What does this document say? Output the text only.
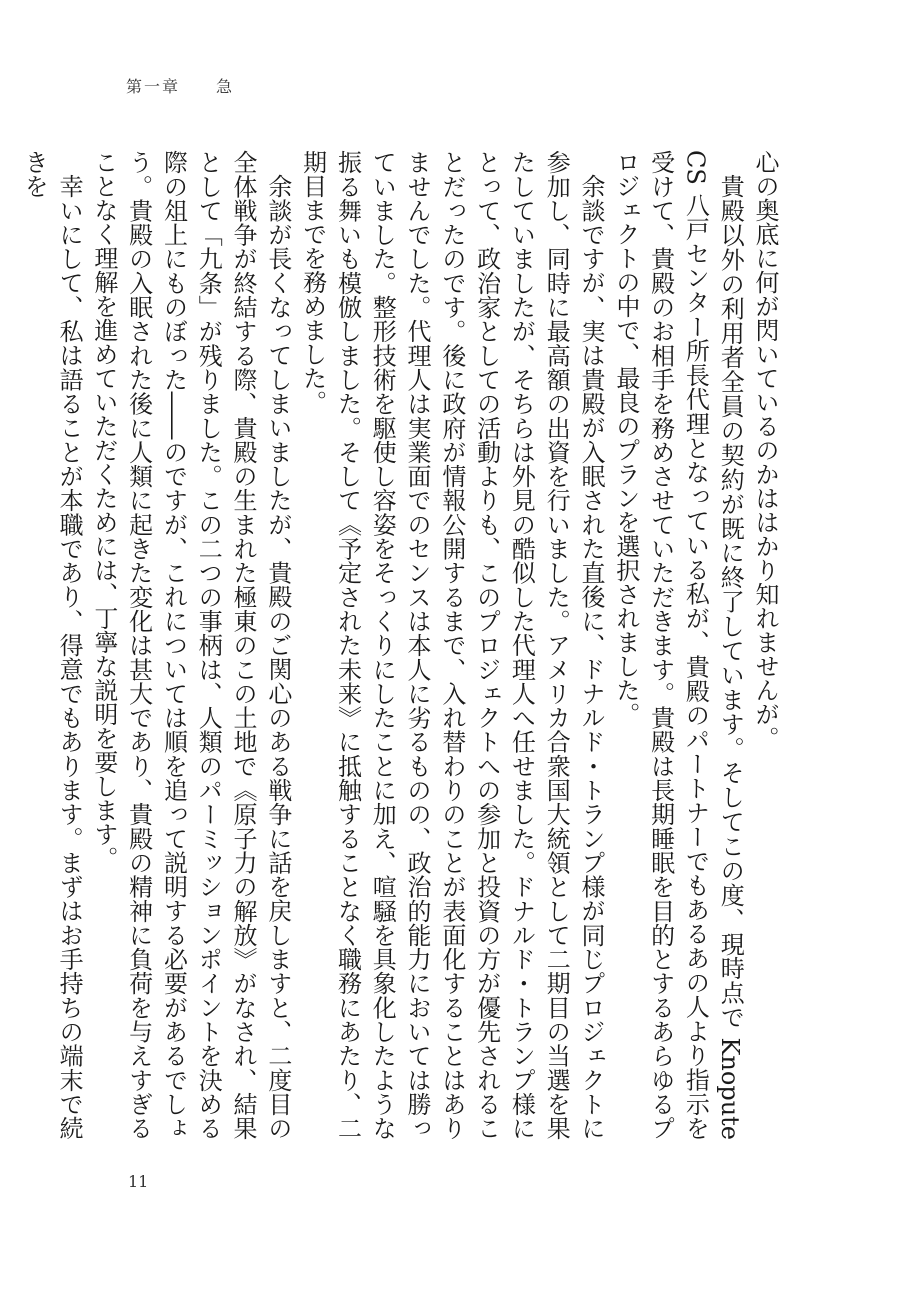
第一章　　 急

心の奥底に何が閃いているのかははかり知れませんが。

貴殿以外の利用者全員の契約が既に終了しています。そしてこの度、現時点で Knopute CS 八戸センター所長代理となっている私が、貴殿のパートナーでもあるあの人より指示を受けて、貴殿のお相手を務めさせていただきます。貴殿は長期睡眠を目的とするあらゆるプロジェクトの中で、最良のプランを選択されました。

余談ですが、実は貴殿が入眠された直後に、ドナルド・トランプ様が同じプロジェクトに参加し、同時に最高額の出資を行いました。アメリカ合衆国大統領として二期目の当選を果たしていましたが、そちらは外見の酷似した代理人へ任せました。ドナルド・トランプ様にとって、政治家としての活動よりも、このプロジェクトへの参加と投資の方が優先されることだったのです。後に政府が情報公開するまで、入れ替わりのことが表面化することはありませんでした。代理人は実業面でのセンスは本人に劣るものの、政治的能力においては勝っていました。整形技術を駆使し容姿をそっくりにしたことに加え、喧騒を具象化したような振る舞いも模倣しました。そして《予定された未来》に抵触することなく職務にあたり、二期目までを務めました。

余談が長くなってしまいましたが、貴殿のご関心のある戦争に話を戻しますと、二度目の全体戦争が終結する際、貴殿の生まれた極東のこの土地で《原子力の解放》がなされ、結果として「九条」が残りました。この二つの事柄は、人類のパーミッションポイントを決める際の俎上にものぼった――のですが、これについては順を追って説明する必要があるでしょう。貴殿の入眠された後に人類に起きた変化は甚大であり、貴殿の精神に負荷を与えすぎることなく理解を進めていただくためには、丁寧な説明を要します。

幸いにして、私は語ることが本職であり、得意でもあります。まずはお手持ちの端末で続きを

11
